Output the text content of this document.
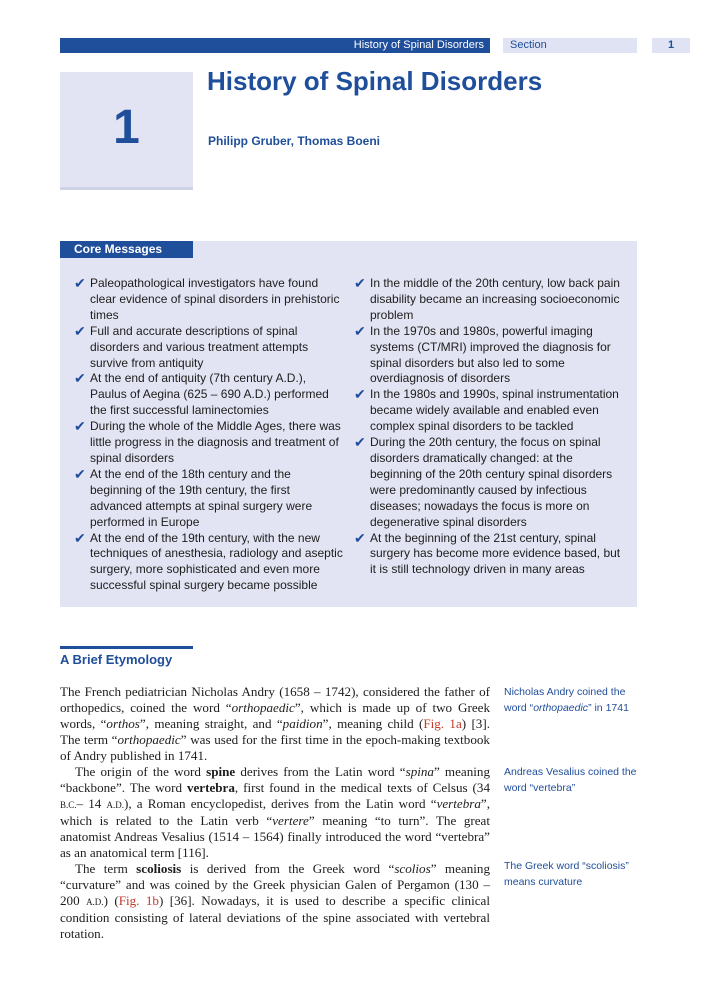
History of Spinal Disorders	Section	1
1
History of Spinal Disorders
Philipp Gruber, Thomas Boeni
Core Messages
✔ Paleopathological investigators have found clear evidence of spinal disorders in prehistoric times
✔ Full and accurate descriptions of spinal disorders and various treatment attempts survive from antiquity
✔ At the end of antiquity (7th century A.D.), Paulus of Aegina (625 – 690 A.D.) performed the first successful laminectomies
✔ During the whole of the Middle Ages, there was little progress in the diagnosis and treatment of spinal disorders
✔ At the end of the 18th century and the beginning of the 19th century, the first advanced attempts at spinal surgery were performed in Europe
✔ At the end of the 19th century, with the new techniques of anesthesia, radiology and aseptic surgery, more sophisticated and even more successful spinal surgery became possible
✔ In the middle of the 20th century, low back pain disability became an increasing socioeconomic problem
✔ In the 1970s and 1980s, powerful imaging systems (CT/MRI) improved the diagnosis for spinal disorders but also led to some overdiagnosis of disorders
✔ In the 1980s and 1990s, spinal instrumentation became widely available and enabled even complex spinal disorders to be tackled
✔ During the 20th century, the focus on spinal disorders dramatically changed: at the beginning of the 20th century spinal disorders were predominantly caused by infectious diseases; nowadays the focus is more on degenerative spinal disorders
✔ At the beginning of the 21st century, spinal surgery has become more evidence based, but it is still technology driven in many areas
A Brief Etymology

The French pediatrician Nicholas Andry (1658 – 1742), considered the father of orthopedics, coined the word “orthopaedic”, which is made up of two Greek words, “orthos”, meaning straight, and “paidion”, meaning child (Fig. 1a) [3]. The term “orthopaedic” was used for the first time in the epoch-making textbook of Andry published in 1741.

The origin of the word spine derives from the Latin word “spina” meaning “backbone”. The word vertebra, first found in the medical texts of Celsus (34 B.C.– 14 A.D.), a Roman encyclopedist, derives from the Latin word “vertebra”, which is related to the Latin verb “vertere” meaning “to turn”. The great anatomist Andreas Vesalius (1514 – 1564) finally introduced the word “vertebra” as an anatomical term [116].

The term scoliosis is derived from the Greek word “scolios” meaning “curvature” and was coined by the Greek physician Galen of Pergamon (130 – 200 A.D.) (Fig. 1b) [36]. Nowadays, it is used to describe a specific clinical condition consisting of lateral deviations of the spine associated with vertebral rotation.

Nicholas Andry coined the word “orthopaedic” in 1741
Andreas Vesalius coined the word “vertebra”
The Greek word “scoliosis” means curvature
